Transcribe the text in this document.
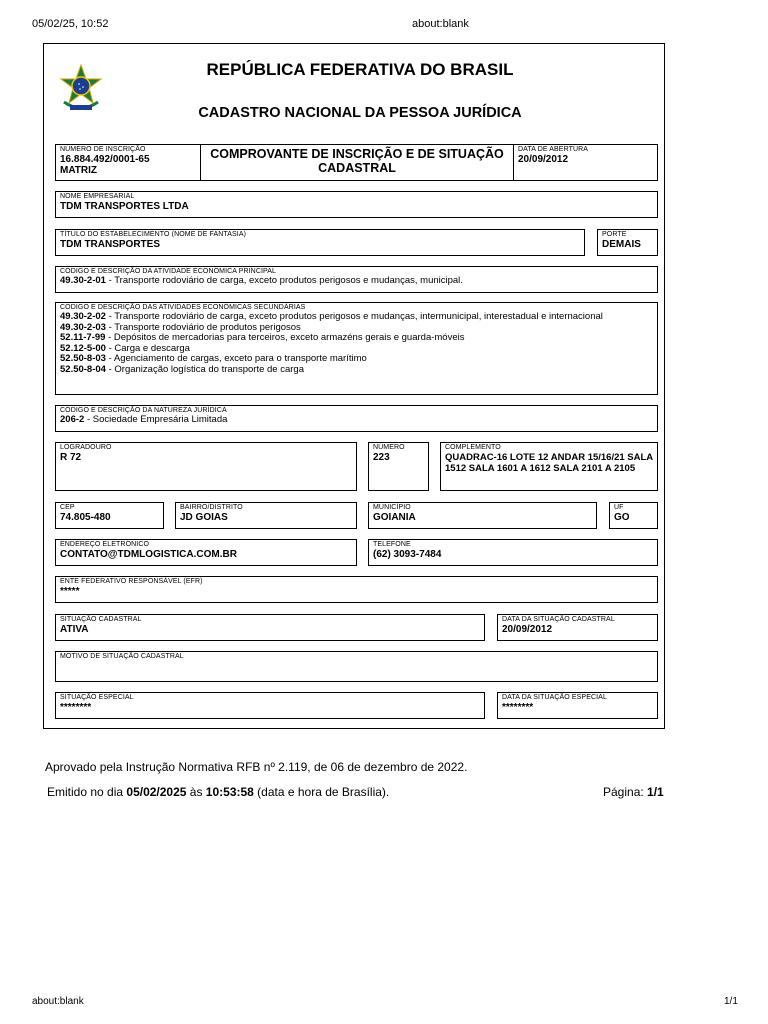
05/02/25, 10:52	about:blank
REPÚBLICA FEDERATIVA DO BRASIL
CADASTRO NACIONAL DA PESSOA JURÍDICA
NÚMERO DE INSCRIÇÃO
16.884.492/0001-65
MATRIZ
COMPROVANTE DE INSCRIÇÃO E DE SITUAÇÃO CADASTRAL
DATA DE ABERTURA
20/09/2012
NOME EMPRESARIAL
TDM TRANSPORTES LTDA
TÍTULO DO ESTABELECIMENTO (NOME DE FANTASIA)
TDM TRANSPORTES
PORTE
DEMAIS
CÓDIGO E DESCRIÇÃO DA ATIVIDADE ECONÔMICA PRINCIPAL
49.30-2-01 - Transporte rodoviário de carga, exceto produtos perigosos e mudanças, municipal.
CÓDIGO E DESCRIÇÃO DAS ATIVIDADES ECONÔMICAS SECUNDÁRIAS
49.30-2-02 - Transporte rodoviário de carga, exceto produtos perigosos e mudanças, intermunicipal, interestadual e internacional
49.30-2-03 - Transporte rodoviário de produtos perigosos
52.11-7-99 - Depósitos de mercadorias para terceiros, exceto armazéns gerais e guarda-móveis
52.12-5-00 - Carga e descarga
52.50-8-03 - Agenciamento de cargas, exceto para o transporte marítimo
52.50-8-04 - Organização logística do transporte de carga
CÓDIGO E DESCRIÇÃO DA NATUREZA JURÍDICA
206-2 - Sociedade Empresária Limitada
LOGRADOURO
R 72
NÚMERO
223
COMPLEMENTO
QUADRAC-16 LOTE 12 ANDAR 15/16/21 SALA 1512 SALA 1601 A 1612 SALA 2101 A 2105
CEP
74.805-480
BAIRRO/DISTRITO
JD GOIAS
MUNICÍPIO
GOIANIA
UF
GO
ENDEREÇO ELETRÔNICO
CONTATO@TDMLOGISTICA.COM.BR
TELEFONE
(62) 3093-7484
ENTE FEDERATIVO RESPONSÁVEL (EFR)
*****
SITUAÇÃO CADASTRAL
ATIVA
DATA DA SITUAÇÃO CADASTRAL
20/09/2012
MOTIVO DE SITUAÇÃO CADASTRAL
SITUAÇÃO ESPECIAL
********
DATA DA SITUAÇÃO ESPECIAL
********
Aprovado pela Instrução Normativa RFB nº 2.119, de 06 de dezembro de 2022.
Emitido no dia 05/02/2025 às 10:53:58 (data e hora de Brasília).	Página: 1/1
about:blank	1/1
